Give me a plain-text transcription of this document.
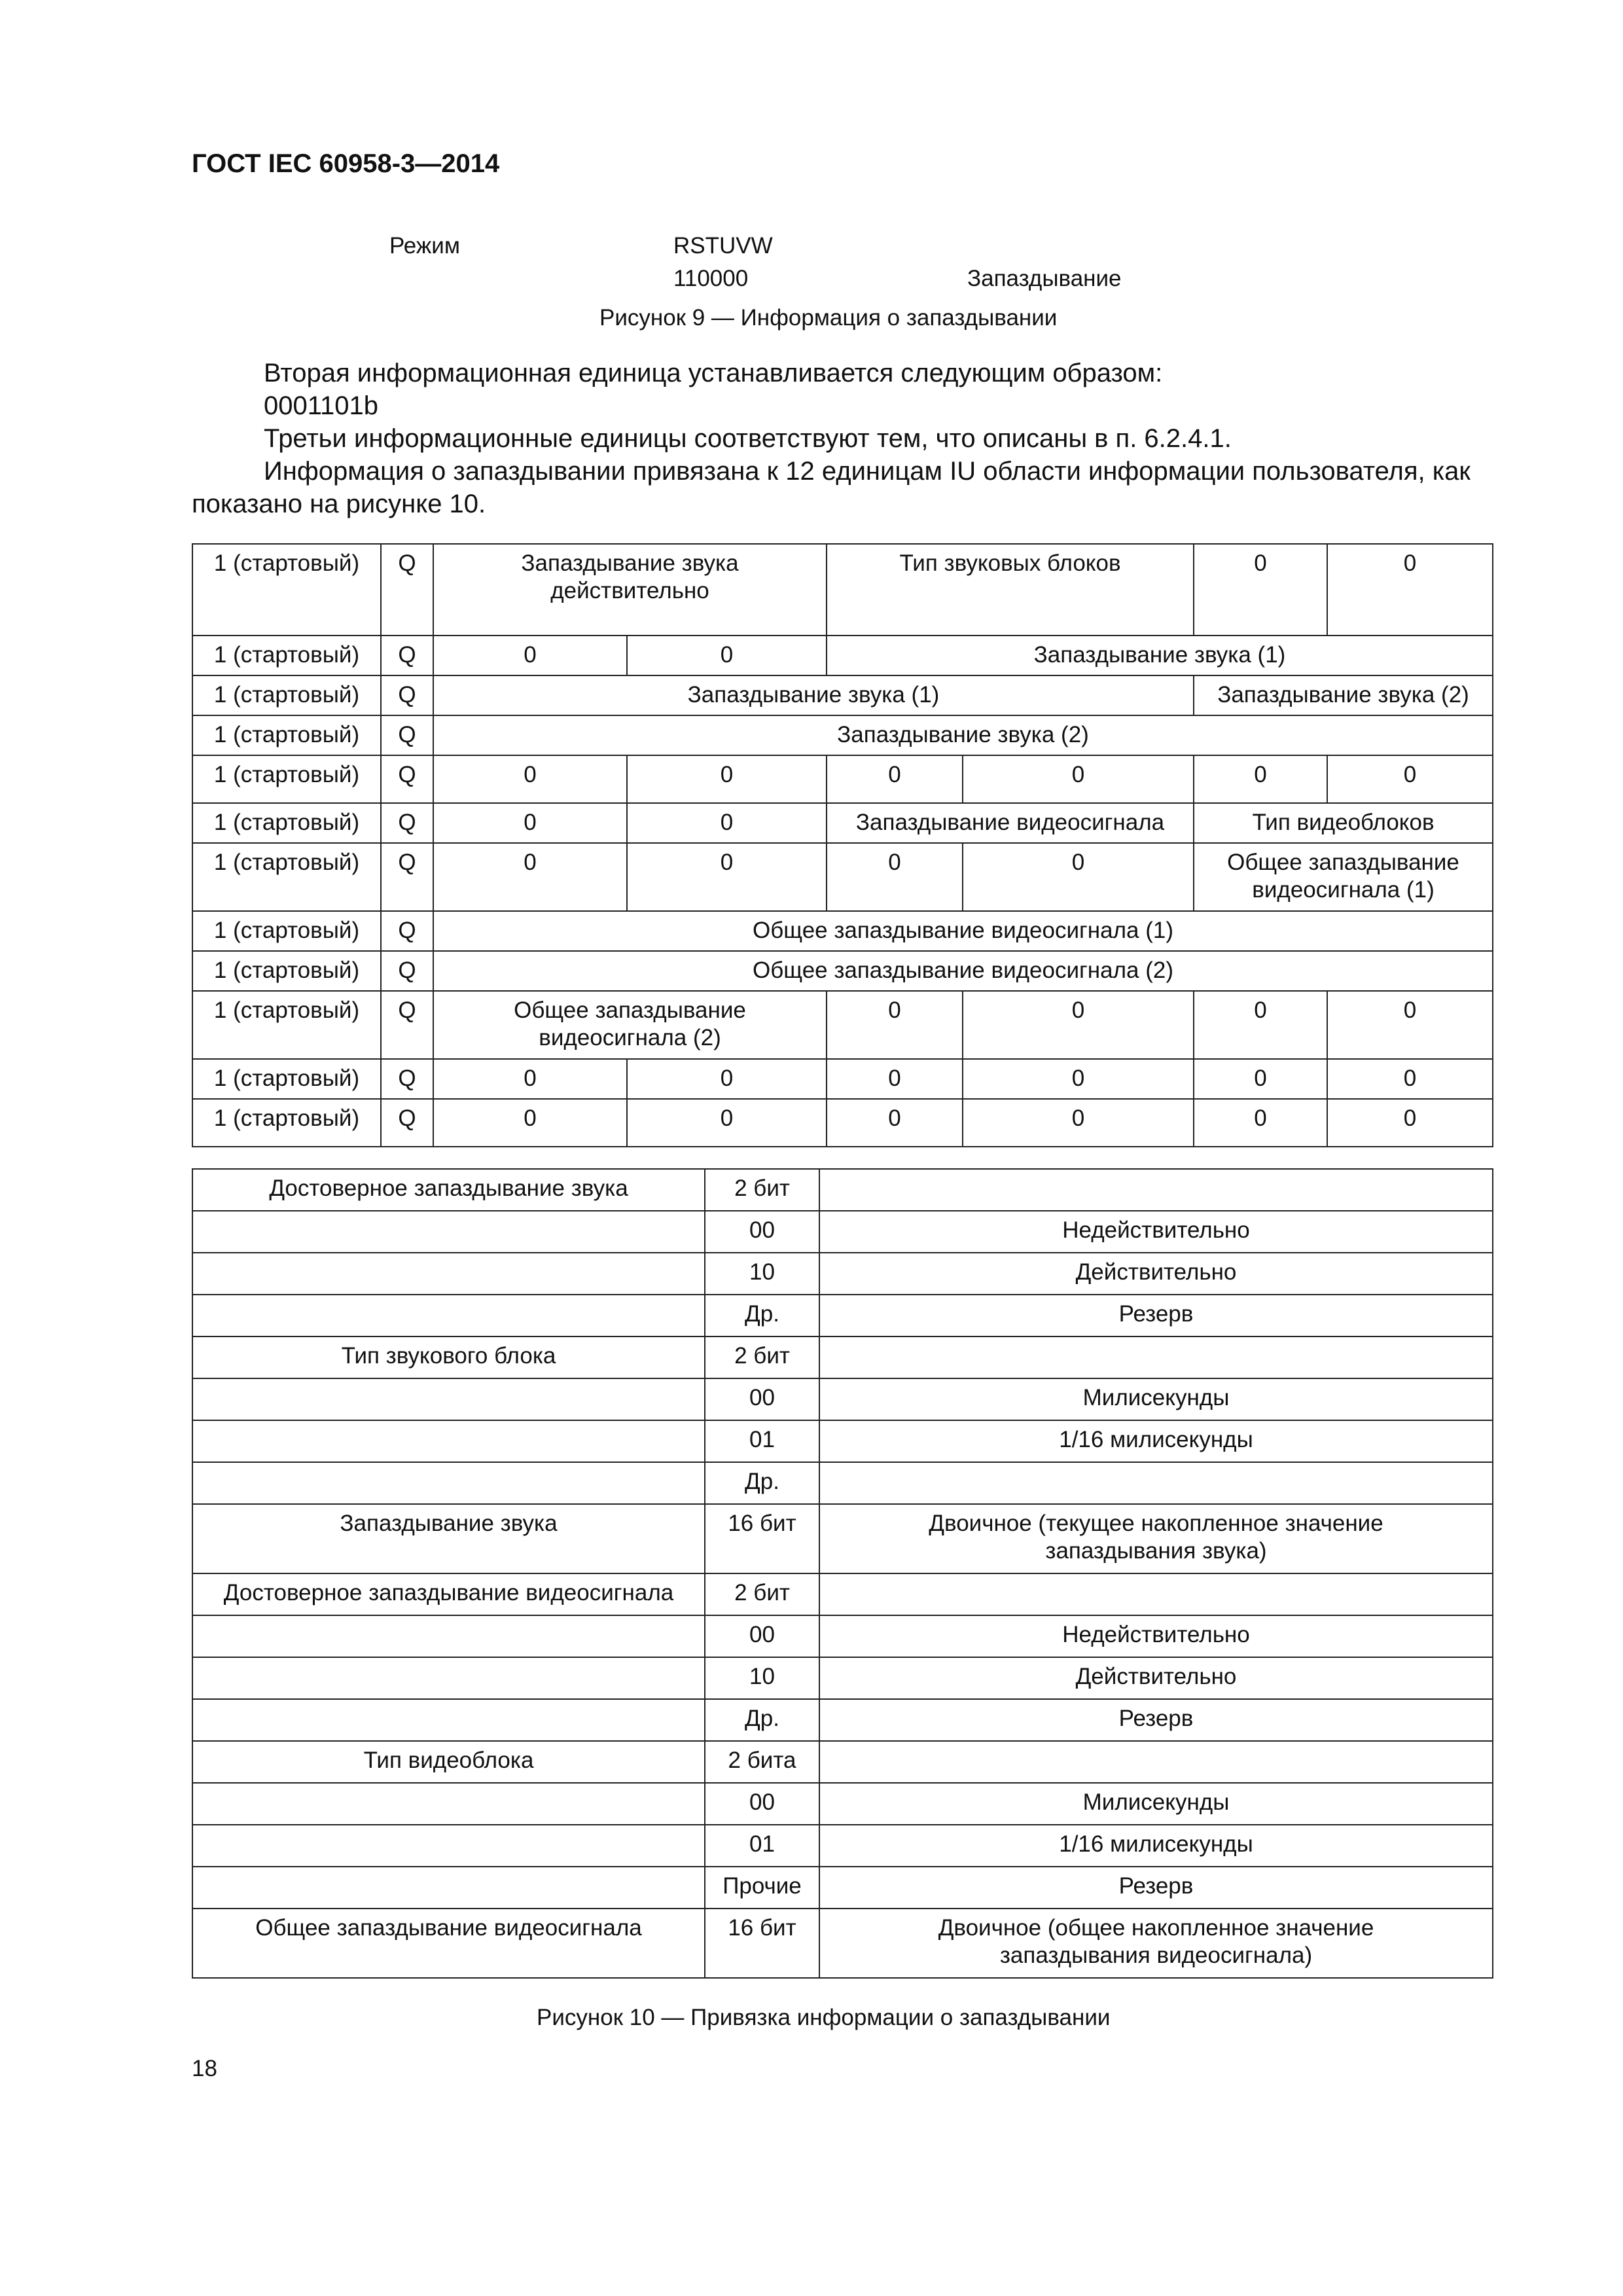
ГОСТ IEC 60958-3—2014
Режим	RSTUVW
110000	Запаздывание
Рисунок 9 — Информация о запаздывании
Вторая информационная единица устанавливается следующим образом:
0001101b
Третьи информационные единицы соответствуют тем, что описаны в п. 6.2.4.1.
Информация о запаздывании привязана к 12 единицам IU области информации пользователя, как
показано на рисунке 10.
1 (стартовый)	Q	Запаздывание звука действительно		Тип звуковых блоков		0	0
1 (стартовый)	Q	0	0	Запаздывание звука (1)			
1 (стартовый)	Q	Запаздывание звука (1)				Запаздывание звука (2)	
1 (стартовый)	Q	Запаздывание звука (2)					
1 (стартовый)	Q	0	0	0	0	0	0
1 (стартовый)	Q	0	0	Запаздывание видеосигнала		Тип видеоблоков	
1 (стартовый)	Q	0	0	0	0	Общее запаздывание видеосигнала (1)	
1 (стартовый)	Q	Общее запаздывание видеосигнала (1)					
1 (стартовый)	Q	Общее запаздывание видеосигнала (2)					
1 (стартовый)	Q	Общее запаздывание видеосигнала (2)		0	0	0	0
1 (стартовый)	Q	0	0	0	0	0	0
1 (стартовый)	Q	0	0	0	0	0	0
Достоверное запаздывание звука	2 бит	
	00	Недействительно
	10	Действительно
	Др.	Резерв
Тип звукового блока	2 бит	
	00	Милисекунды
	01	1/16 милисекунды
	Др.	
Запаздывание звука	16 бит	Двоичное (текущее накопленное значение запаздывания звука)
Достоверное запаздывание видеосигнала	2 бит	
	00	Недействительно
	10	Действительно
	Др.	Резерв
Тип видеоблока	2 бита	
	00	Милисекунды
	01	1/16 милисекунды
	Прочие	Резерв
Общее запаздывание видеосигнала	16 бит	Двоичное (общее накопленное значение запаздывания видеосигнала)
Рисунок 10 — Привязка информации о запаздывании
18
